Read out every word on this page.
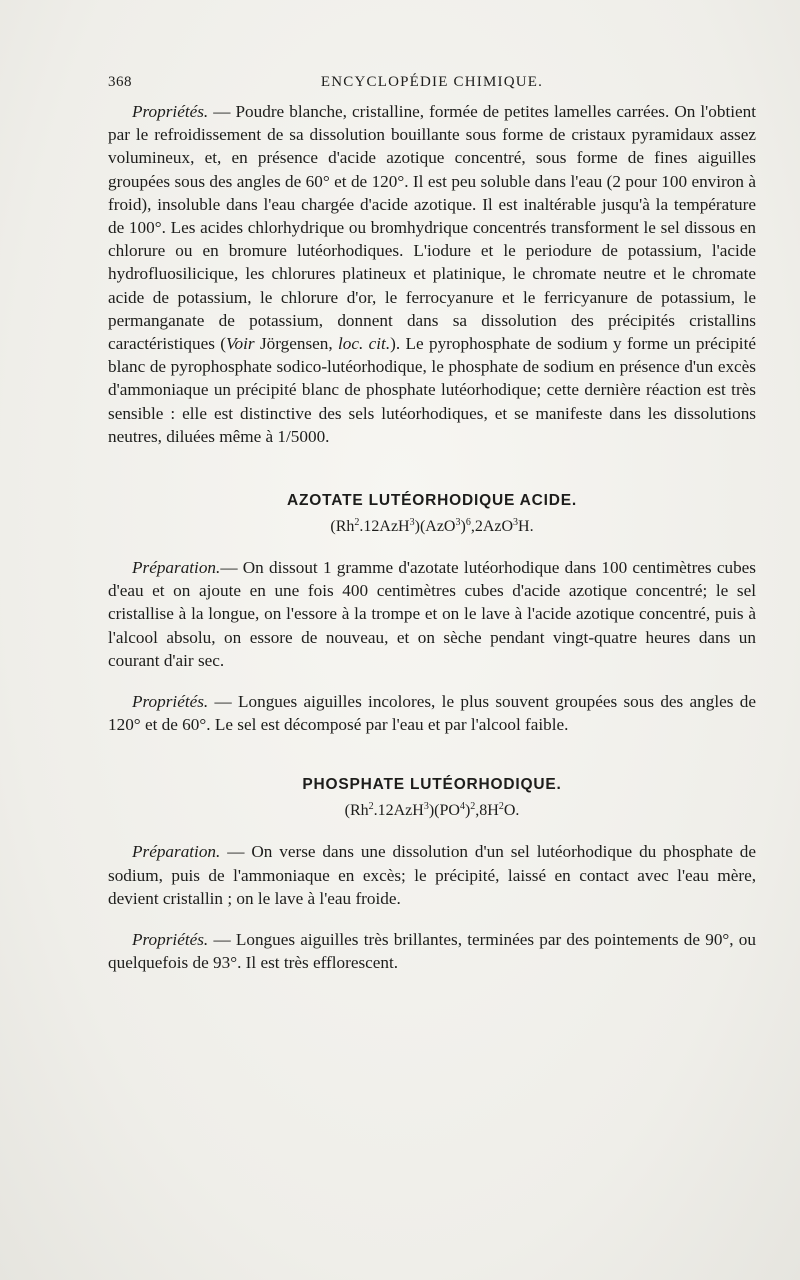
368	ENCYCLOPÉDIE CHIMIQUE.

Propriétés. — Poudre blanche, cristalline, formée de petites lamelles carrées. On l'obtient par le refroidissement de sa dissolution bouillante sous forme de cristaux pyramidaux assez volumineux, et, en présence d'acide azotique concentré, sous forme de fines aiguilles groupées sous des angles de 60° et de 120°. Il est peu soluble dans l'eau (2 pour 100 environ à froid), insoluble dans l'eau chargée d'acide azotique. Il est inaltérable jusqu'à la température de 100°. Les acides chlorhydrique ou bromhydrique concentrés transforment le sel dissous en chlorure ou en bromure lutéorhodiques. L'iodure et le periodure de potassium, l'acide hydrofluosilicique, les chlorures platineux et platinique, le chromate neutre et le chromate acide de potassium, le chlorure d'or, le ferrocyanure et le ferricyanure de potassium, le permanganate de potassium, donnent dans sa dissolution des précipités cristallins caractéristiques (Voir Jörgensen, loc. cit.). Le pyrophosphate de sodium y forme un précipité blanc de pyrophosphate sodico-lutéorhodique, le phosphate de sodium en présence d'un excès d'ammoniaque un précipité blanc de phosphate lutéorhodique; cette dernière réaction est très sensible : elle est distinctive des sels lutéorhodiques, et se manifeste dans les dissolutions neutres, diluées même à 1/5000.

AZOTATE LUTÉORHODIQUE ACIDE.

$(Rh^2.12AzH^3)(AzO^3)^6,2AzO^3H$.

Préparation.— On dissout 1 gramme d'azotate lutéorhodique dans 100 centimètres cubes d'eau et on ajoute en une fois 400 centimètres cubes d'acide azotique concentré; le sel cristallise à la longue, on l'essore à la trompe et on le lave à l'acide azotique concentré, puis à l'alcool absolu, on essore de nouveau, et on sèche pendant vingt-quatre heures dans un courant d'air sec.

Propriétés. — Longues aiguilles incolores, le plus souvent groupées sous des angles de 120° et de 60°. Le sel est décomposé par l'eau et par l'alcool faible.

PHOSPHATE LUTÉORHODIQUE.

$(Rh^2.12AzH^3)(PO^4)^2,8H^2O$.

Préparation. — On verse dans une dissolution d'un sel lutéorhodique du phosphate de sodium, puis de l'ammoniaque en excès; le précipité, laissé en contact avec l'eau mère, devient cristallin ; on le lave à l'eau froide.

Propriétés. — Longues aiguilles très brillantes, terminées par des pointements de 90°, ou quelquefois de 93°. Il est très efflorescent.
